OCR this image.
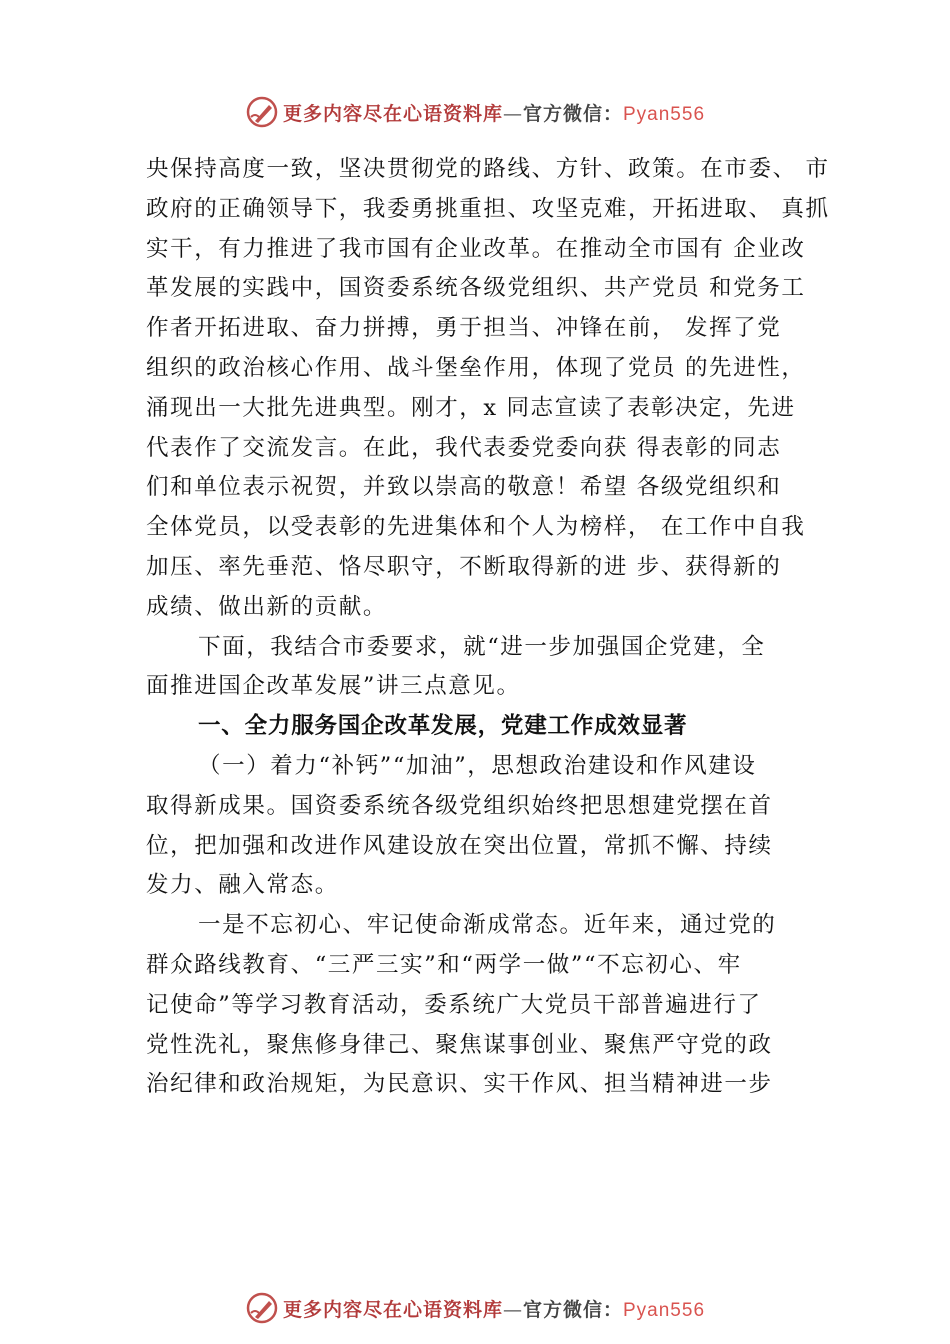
更多内容尽在心语资料库—官方微信：Pyan556
央保持高度一致，坚决贯彻党的路线、方针、政策。在市委、 市
政府的正确领导下，我委勇挑重担、攻坚克难，开拓进取、 真抓
实干，有力推进了我市国有企业改革。在推动全市国有 企业改
革发展的实践中，国资委系统各级党组织、共产党员 和党务工
作者开拓进取、奋力拼搏，勇于担当、冲锋在前， 发挥了党
组织的政治核心作用、战斗堡垒作用，体现了党员 的先进性，
涌现出一大批先进典型。刚才，x 同志宣读了表彰决定，先进
代表作了交流发言。在此，我代表委党委向获 得表彰的同志
们和单位表示祝贺，并致以崇高的敬意！希望 各级党组织和
全体党员，以受表彰的先进集体和个人为榜样， 在工作中自我
加压、率先垂范、恪尽职守，不断取得新的进 步、获得新的
成绩、做出新的贡献。
下面，我结合市委要求，就“进一步加强国企党建，全
面推进国企改革发展”讲三点意见。
一、全力服务国企改革发展，党建工作成效显著
（一）着力“补钙”“加油”，思想政治建设和作风建设
取得新成果。国资委系统各级党组织始终把思想建党摆在首
位，把加强和改进作风建设放在突出位置，常抓不懈、持续
发力、融入常态。
一是不忘初心、牢记使命渐成常态。近年来，通过党的
群众路线教育、“三严三实”和“两学一做”“不忘初心、牢
记使命”等学习教育活动，委系统广大党员干部普遍进行了
党性洗礼，聚焦修身律己、聚焦谋事创业、聚焦严守党的政
治纪律和政治规矩，为民意识、实干作风、担当精神进一步
更多内容尽在心语资料库—官方微信：Pyan556
